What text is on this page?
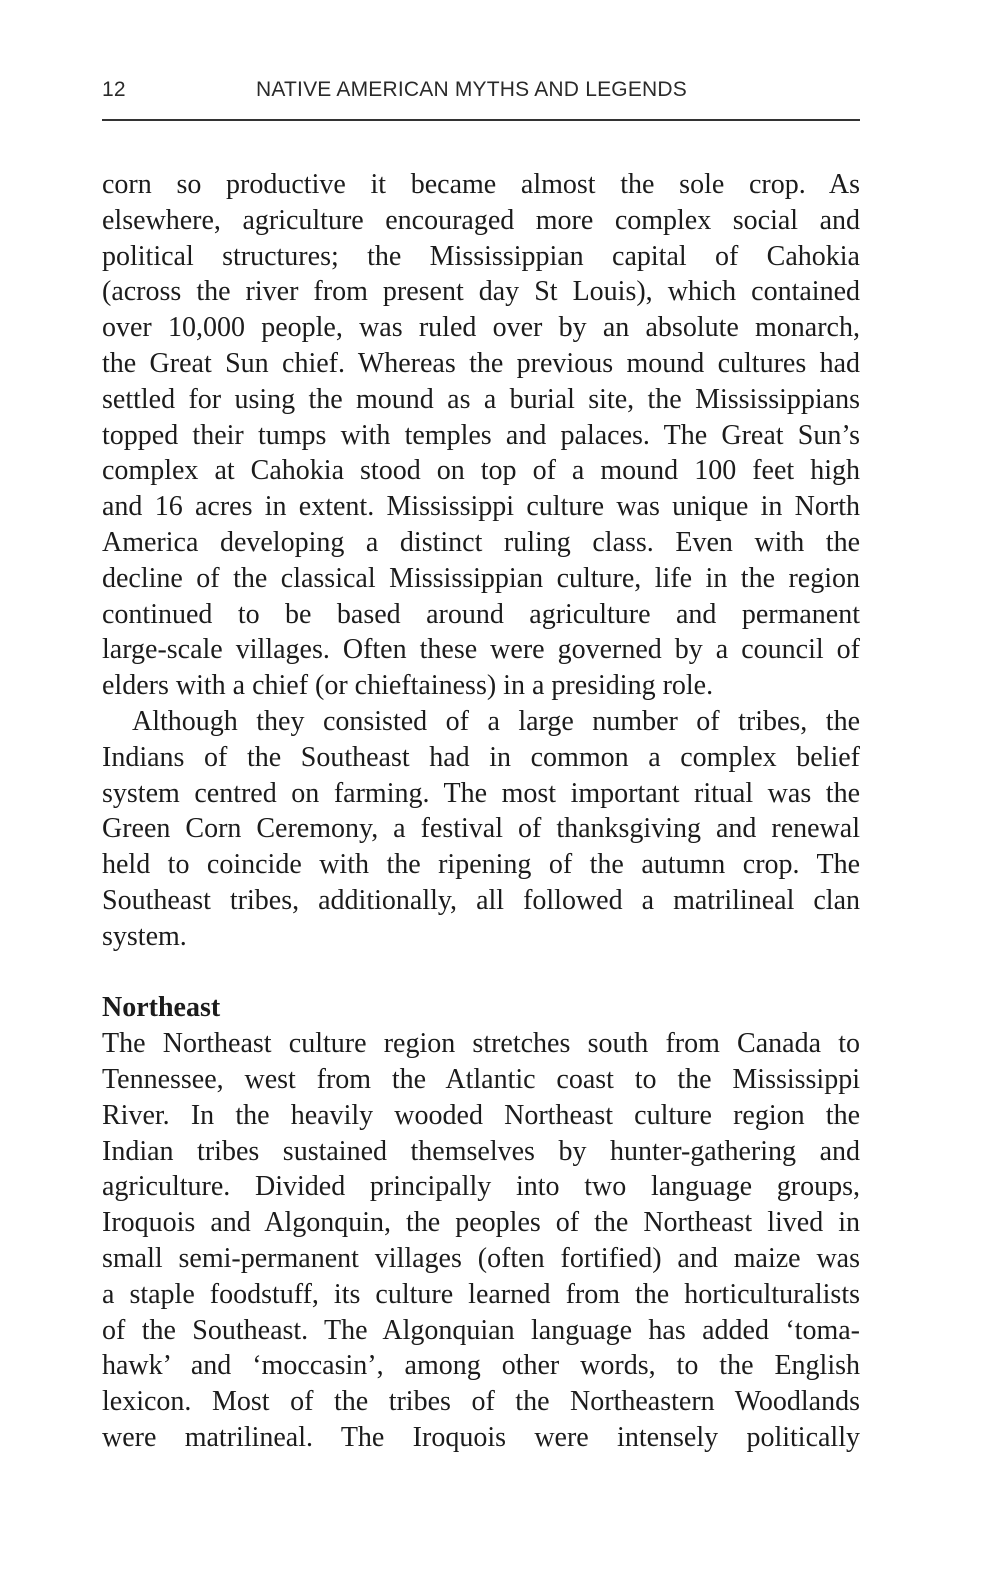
12	NATIVE AMERICAN MYTHS AND LEGENDS
corn so productive it became almost the sole crop. As
elsewhere, agriculture encouraged more complex social and
political structures; the Mississippian capital of Cahokia
(across the river from present day St Louis), which contained
over 10,000 people, was ruled over by an absolute monarch,
the Great Sun chief. Whereas the previous mound cultures had
settled for using the mound as a burial site, the Mississippians
topped their tumps with temples and palaces. The Great Sun’s
complex at Cahokia stood on top of a mound 100 feet high
and 16 acres in extent. Mississippi culture was unique in North
America developing a distinct ruling class. Even with the
decline of the classical Mississippian culture, life in the region
continued to be based around agriculture and permanent
large-scale villages. Often these were governed by a council of
elders with a chief (or chieftainess) in a presiding role.
Although they consisted of a large number of tribes, the
Indians of the Southeast had in common a complex belief
system centred on farming. The most important ritual was the
Green Corn Ceremony, a festival of thanksgiving and renewal
held to coincide with the ripening of the autumn crop. The
Southeast tribes, additionally, all followed a matrilineal clan
system.
Northeast
The Northeast culture region stretches south from Canada to
Tennessee, west from the Atlantic coast to the Mississippi
River. In the heavily wooded Northeast culture region the
Indian tribes sustained themselves by hunter-gathering and
agriculture. Divided principally into two language groups,
Iroquois and Algonquin, the peoples of the Northeast lived in
small semi-permanent villages (often fortified) and maize was
a staple foodstuff, its culture learned from the horticulturalists
of the Southeast. The Algonquian language has added ‘toma-
hawk’ and ‘moccasin’, among other words, to the English
lexicon. Most of the tribes of the Northeastern Woodlands
were matrilineal. The Iroquois were intensely politically
